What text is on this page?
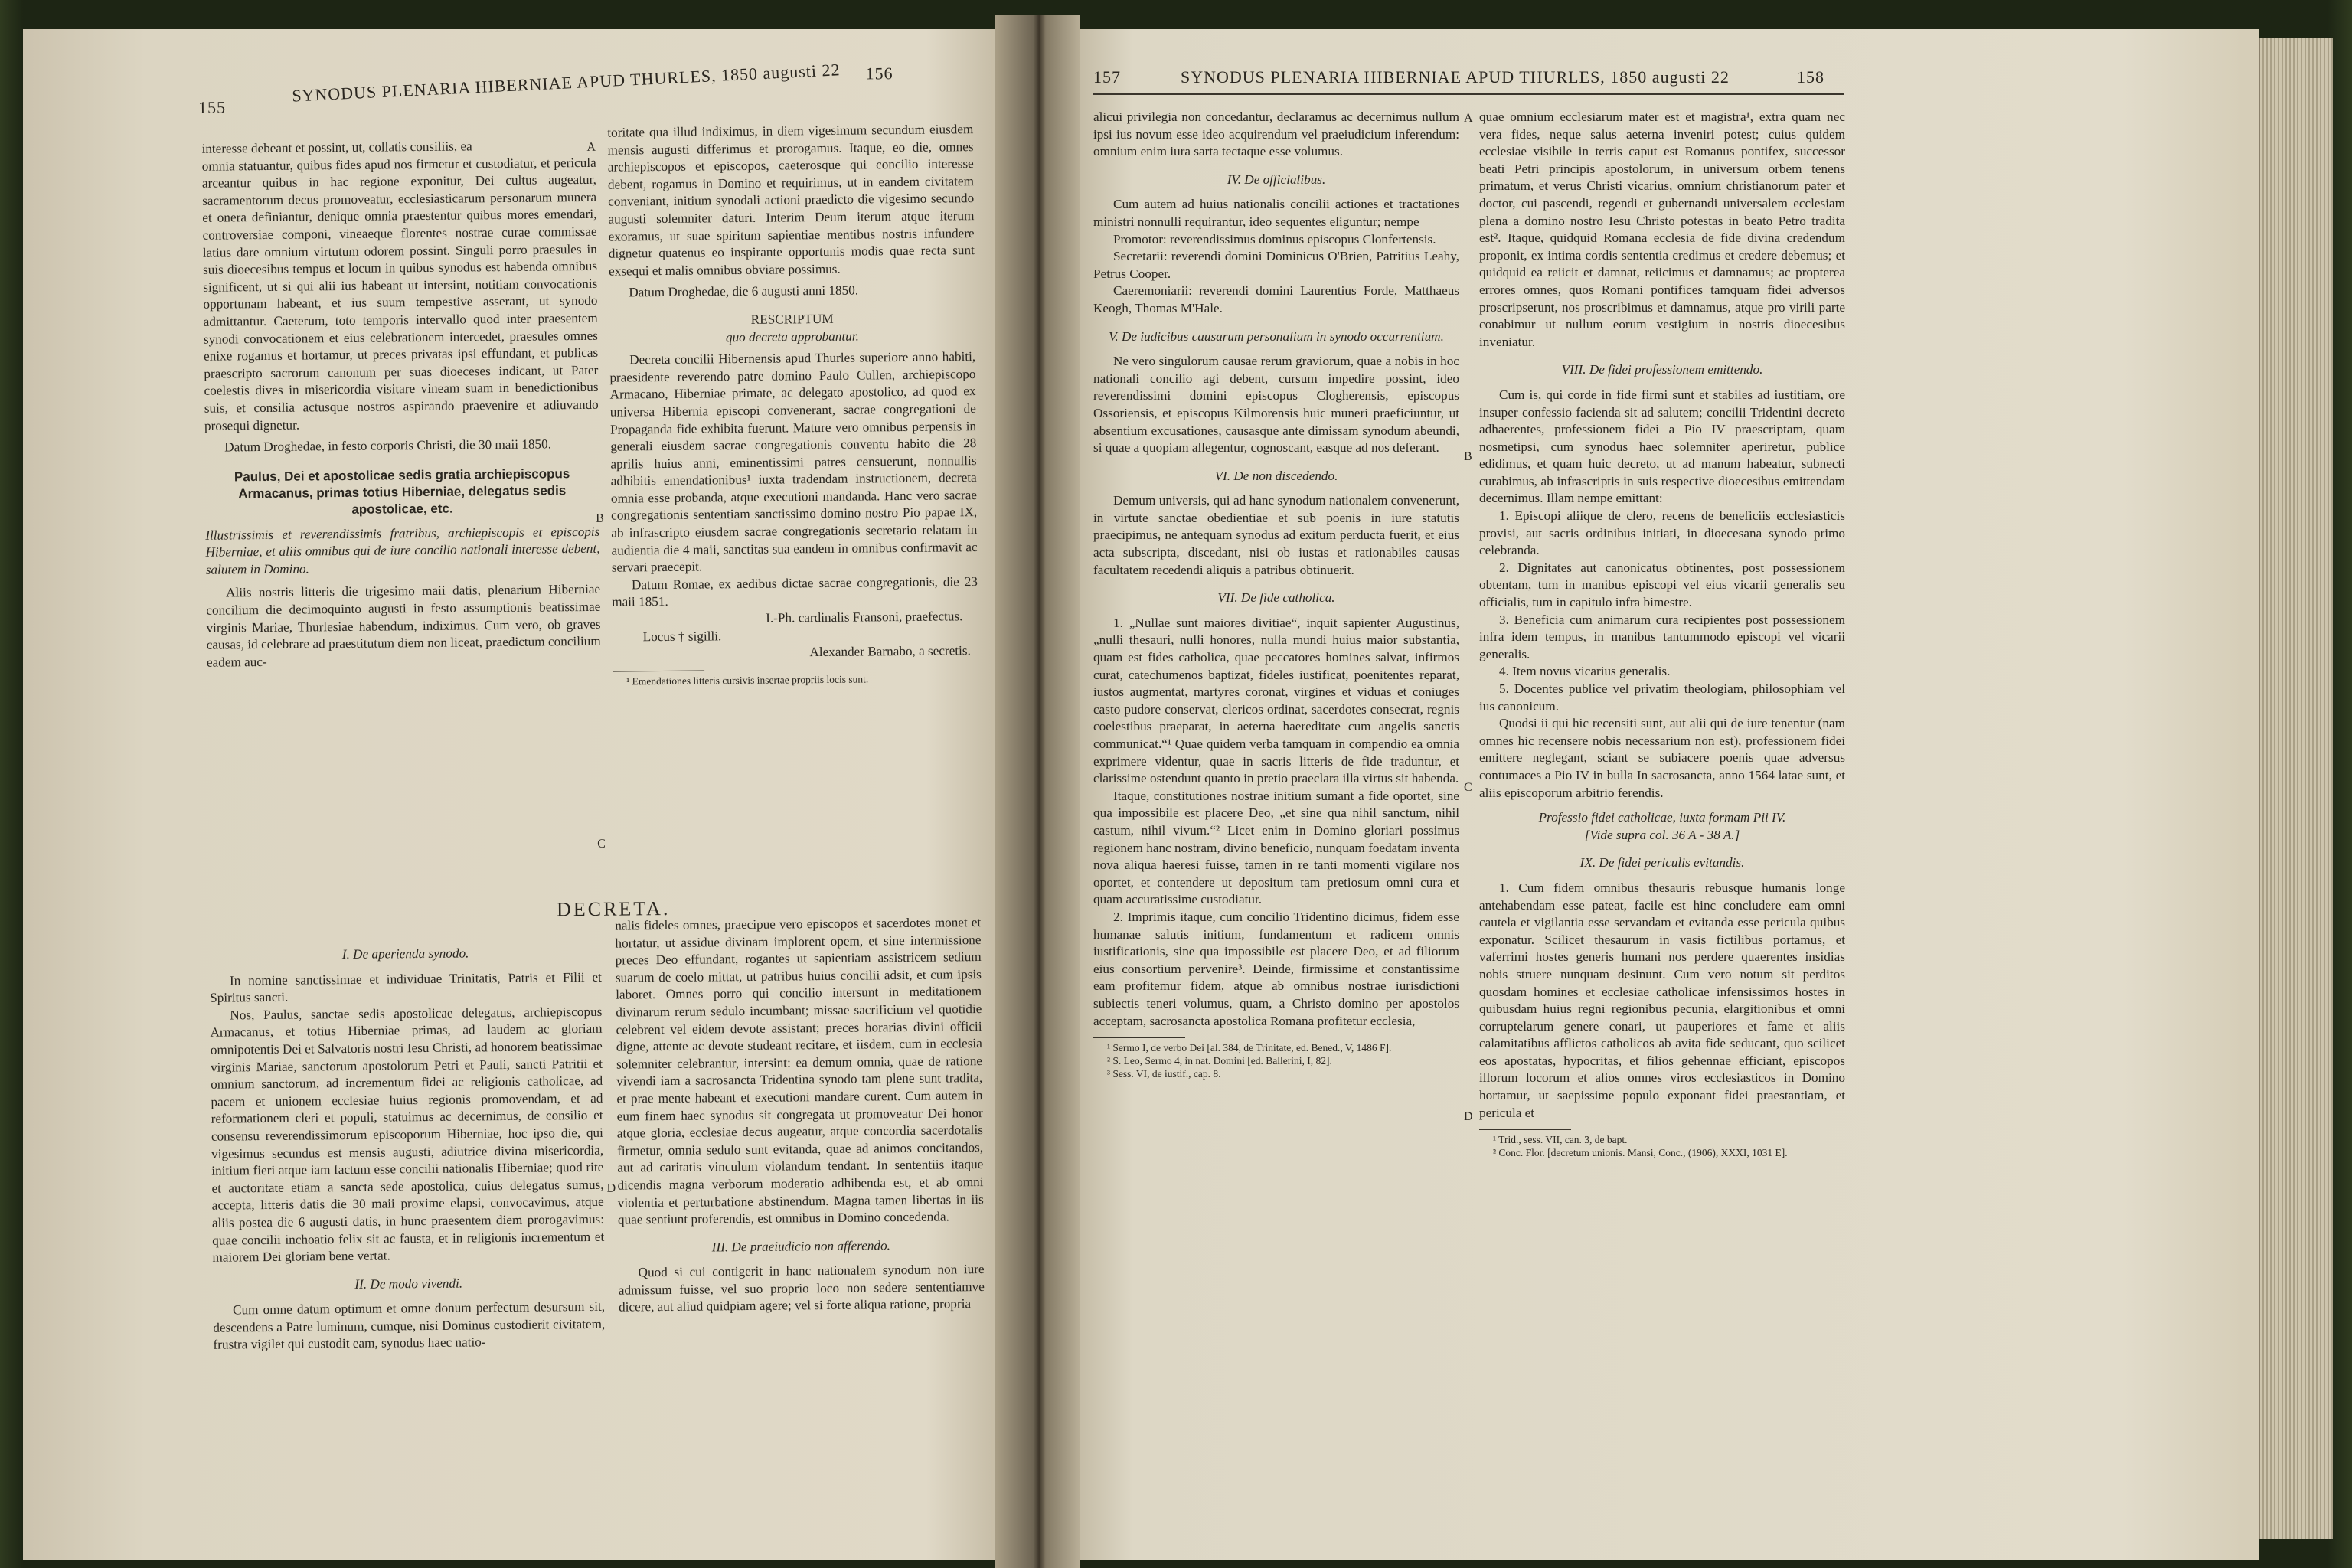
155
SYNODUS PLENARIA HIBERNIAE APUD THURLES, 1850 augusti 22 156

interesse debeant et possint, ut, collatis consiliis, ea

omnia statuantur, quibus fides apud nos firmetur et custodiatur, et pericula arceantur quibus in hac regione exponitur, Dei cultus augeatur, sacramentorum decus promoveatur, ecclesiasticarum personarum munera et onera definiantur, denique omnia praestentur quibus mores emendari, controversiae componi, vineaeque florentes nostrae curae commissae latius dare omnium virtutum odorem possint. Singuli porro praesules in suis dioecesibus tempus et locum in quibus synodus est habenda omnibus significent, ut si qui alii ius habeant ut intersint, notitiam convocationis opportunam habeant, et ius suum tempestive asserant, ut synodo admittantur. Caeterum, toto temporis intervallo quod inter praesentem synodi convocationem et eius celebrationem intercedet, praesules omnes enixe rogamus et hortamur, ut preces privatas ipsi effundant, et publicas praescripto sacrorum canonum per suas dioeceses indicant, ut Pater coelestis dives in misericordia visitare vineam suam in benedictionibus suis, et consilia actusque nostros aspirando praevenire et adiuvando prosequi dignetur.

Datum Droghedae, in festo corporis Christi, die 30 maii 1850.

Paulus, Dei et apostolicae sedis gratia archiepiscopus Armacanus, primas totius Hiberniae, delegatus sedis apostolicae, etc.

Illustrissimis et reverendissimis fratribus, archiepiscopis et episcopis Hiberniae, et aliis omnibus qui de iure concilio nationali interesse debent, salutem in Domino.

Aliis nostris litteris die trigesimo maii datis, plenarium Hiberniae concilium die decimoquinto augusti in festo assumptionis beatissimae virginis Mariae, Thurlesiae habendum, indiximus. Cum vero, ob graves causas, id celebrare ad praestitutum diem non liceat, praedictum concilium eadem auc-

A
B
C
D

toritate qua illud indiximus, in diem vigesimum secundum eiusdem mensis augusti differimus et prorogamus. Itaque, eo die, omnes archiepiscopos et episcopos, caeterosque qui concilio interesse debent, rogamus in Domino et requirimus, ut in eandem civitatem conveniant, initium synodali actioni praedicto die vigesimo secundo augusti solemniter daturi. Interim Deum iterum atque iterum exoramus, ut suae spiritum sapientiae mentibus nostris infundere dignetur quatenus eo inspirante opportunis modis quae recta sunt exsequi et malis omnibus obviare possimus.

Datum Droghedae, die 6 augusti anni 1850.

RESCRIPTUM
quo decreta approbantur.

Decreta concilii Hibernensis apud Thurles superiore anno habiti, praesidente reverendo patre domino Paulo Cullen, archiepiscopo Armacano, Hiberniae primate, ac delegato apostolico, ad quod ex universa Hibernia episcopi convenerant, sacrae congregationi de Propaganda fide exhibita fuerunt. Mature vero omnibus perpensis in generali eiusdem sacrae congregationis conventu habito die 28 aprilis huius anni, eminentissimi patres censuerunt, nonnullis adhibitis emendationibus¹ iuxta tradendam instructionem, decreta omnia esse probanda, atque executioni mandanda. Hanc vero sacrae congregationis sententiam sanctissimo domino nostro Pio papae IX, ab infrascripto eiusdem sacrae congregationis secretario relatam in audientia die 4 maii, sanctitas sua eandem in omnibus confirmavit ac servari praecepit.

Datum Romae, ex aedibus dictae sacrae congregationis, die 23 maii 1851.

I.-Ph. cardinalis Fransoni, praefectus.

Locus † sigilli.

Alexander Barnabo, a secretis.

¹ Emendationes litteris cursivis insertae propriis locis sunt.

DECRETA.
I. De aperienda synodo.

In nomine sanctissimae et individuae Trinitatis, Patris et Filii et Spiritus sancti.

Nos, Paulus, sanctae sedis apostolicae delegatus, archiepiscopus Armacanus, et totius Hiberniae primas, ad laudem ac gloriam omnipotentis Dei et Salvatoris nostri Iesu Christi, ad honorem beatissimae virginis Mariae, sanctorum apostolorum Petri et Pauli, sancti Patritii et omnium sanctorum, ad incrementum fidei ac religionis catholicae, ad pacem et unionem ecclesiae huius regionis promovendam, et ad reformationem cleri et populi, statuimus ac decernimus, de consilio et consensu reverendissimorum episcoporum Hiberniae, hoc ipso die, qui vigesimus secundus est mensis augusti, adiutrice divina misericordia, initium fieri atque iam factum esse concilii nationalis Hiberniae; quod rite et auctoritate etiam a sancta sede apostolica, cuius delegatus sumus, accepta, litteris datis die 30 maii proxime elapsi, convocavimus, atque aliis postea die 6 augusti datis, in hunc praesentem diem prorogavimus: quae concilii inchoatio felix sit ac fausta, et in religionis incrementum et maiorem Dei gloriam bene vertat.

II. De modo vivendi.

Cum omne datum optimum et omne donum perfectum desursum sit, descendens a Patre luminum, cumque, nisi Dominus custodierit civitatem, frustra vigilet qui custodit eam, synodus haec natio-

nalis fideles omnes, praecipue vero episcopos et sacerdotes monet et hortatur, ut assidue divinam implorent opem, et sine intermissione preces Deo effundant, rogantes ut sapientiam assistricem sedium suarum de coelo mittat, ut patribus huius concilii adsit, et cum ipsis laboret. Omnes porro qui concilio intersunt in meditationem divinarum rerum sedulo incumbant; missae sacrificium vel quotidie celebrent vel eidem devote assistant; preces horarias divini officii digne, attente ac devote studeant recitare, et iisdem, cum in ecclesia solemniter celebrantur, intersint: ea demum omnia, quae de ratione vivendi iam a sacrosancta Tridentina synodo tam plene sunt tradita, et prae mente habeant et executioni mandare curent. Cum autem in eum finem haec synodus sit congregata ut promoveatur Dei honor atque gloria, ecclesiae decus augeatur, atque concordia sacerdotalis firmetur, omnia sedulo sunt evitanda, quae ad animos concitandos, aut ad caritatis vinculum violandum tendant. In sententiis itaque dicendis magna verborum moderatio adhibenda est, et ab omni violentia et perturbatione abstinendum. Magna tamen libertas in iis quae sentiunt proferendis, est omnibus in Domino concedenda.

III. De praeiudicio non afferendo.

Quod si cui contigerit in hanc nationalem synodum non iure admissum fuisse, vel suo proprio loco non sedere sententiamve dicere, aut aliud quidpiam agere; vel si forte aliqua ratione, propria

157	SYNODUS PLENARIA HIBERNIAE APUD THURLES, 1850 augusti 22	158

alicui privilegia non concedantur, declaramus ac decernimus nullum ipsi ius novum esse ideo acquirendum vel praeiudicium inferendum: omnium enim iura sarta tectaque esse volumus.

IV. De officialibus.

Cum autem ad huius nationalis concilii actiones et tractationes ministri nonnulli requirantur, ideo sequentes eliguntur; nempe

Promotor: reverendissimus dominus episcopus Clonfertensis.

Secretarii: reverendi domini Dominicus O'Brien, Patritius Leahy, Petrus Cooper.

Caeremoniarii: reverendi domini Laurentius Forde, Matthaeus Keogh, Thomas M'Hale.

V. De iudicibus causarum personalium in synodo occurrentium.

Ne vero singulorum causae rerum graviorum, quae a nobis in hoc nationali concilio agi debent, cursum impedire possint, ideo reverendissimi domini episcopus Clogherensis, episcopus Ossoriensis, et episcopus Kilmorensis huic muneri praeficiuntur, ut absentium excusationes, causasque ante dimissam synodum abeundi, si quae a quopiam allegentur, cognoscant, easque ad nos deferant.

VI. De non discedendo.

Demum universis, qui ad hanc synodum nationalem convenerunt, in virtute sanctae obedientiae et sub poenis in iure statutis praecipimus, ne antequam synodus ad exitum perducta fuerit, et eius acta subscripta, discedant, nisi ob iustas et rationabiles causas facultatem recedendi aliquis a patribus obtinuerit.

VII. De fide catholica.

1. „Nullae sunt maiores divitiae“, inquit sapienter Augustinus, „nulli thesauri, nulli honores, nulla mundi huius maior substantia, quam est fides catholica, quae peccatores homines salvat, infirmos curat, catechumenos baptizat, fideles iustificat, poenitentes reparat, iustos augmentat, martyres coronat, virgines et viduas et coniuges casto pudore conservat, clericos ordinat, sacerdotes consecrat, regnis coelestibus praeparat, in aeterna haereditate cum angelis sanctis communicat.“¹ Quae quidem verba tamquam in compendio ea omnia exprimere videntur, quae in sacris litteris de fide traduntur, et clarissime ostendunt quanto in pretio praeclara illa virtus sit habenda.

Itaque, constitutiones nostrae initium sumant a fide oportet, sine qua impossibile est placere Deo, „et sine qua nihil sanctum, nihil castum, nihil vivum.“² Licet enim in Domino gloriari possimus regionem hanc nostram, divino beneficio, nunquam foedatam inventa nova aliqua haeresi fuisse, tamen in re tanti momenti vigilare nos oportet, et contendere ut depositum tam pretiosum omni cura et quam accuratissime custodiatur.

2. Imprimis itaque, cum concilio Tridentino dicimus, fidem esse humanae salutis initium, fundamentum et radicem omnis iustificationis, sine qua impossibile est placere Deo, et ad filiorum eius consortium pervenire³. Deinde, firmissime et constantissime eam profitemur fidem, atque ab omnibus nostrae iurisdictioni subiectis teneri volumus, quam, a Christo domino per apostolos acceptam, sacrosancta apostolica Romana profitetur ecclesia,

¹ Sermo I, de verbo Dei [al. 384, de Trinitate, ed. Bened., V, 1486 F].

² S. Leo, Sermo 4, in nat. Domini [ed. Ballerini, I, 82].

³ Sess. VI, de iustif., cap. 8.

A
B
C
D

quae omnium ecclesiarum mater est et magistra¹, extra quam nec vera fides, neque salus aeterna inveniri potest; cuius quidem ecclesiae visibile in terris caput est Romanus pontifex, successor beati Petri principis apostolorum, in universum orbem tenens primatum, et verus Christi vicarius, omnium christianorum pater et doctor, cui pascendi, regendi et gubernandi universalem ecclesiam plena a domino nostro Iesu Christo potestas in beato Petro tradita est². Itaque, quidquid Romana ecclesia de fide divina credendum proponit, ex intima cordis sententia credimus et credere debemus; et quidquid ea reiicit et damnat, reiicimus et damnamus; ac propterea errores omnes, quos Romani pontifices tamquam fidei adversos proscripserunt, nos proscribimus et damnamus, atque pro virili parte conabimur ut nullum eorum vestigium in nostris dioecesibus inveniatur.

VIII. De fidei professionem emittendo.

Cum is, qui corde in fide firmi sunt et stabiles ad iustitiam, ore insuper confessio facienda sit ad salutem; concilii Tridentini decreto adhaerentes, professionem fidei a Pio IV praescriptam, quam nosmetipsi, cum synodus haec solemniter aperiretur, publice edidimus, et quam huic decreto, ut ad manum habeatur, subnecti curabimus, ab infrascriptis in suis respective dioecesibus emittendam decernimus. Illam nempe emittant:

1. Episcopi aliique de clero, recens de beneficiis ecclesiasticis provisi, aut sacris ordinibus initiati, in dioecesana synodo primo celebranda.

2. Dignitates aut canonicatus obtinentes, post possessionem obtentam, tum in manibus episcopi vel eius vicarii generalis seu officialis, tum in capitulo infra bimestre.

3. Beneficia cum animarum cura recipientes post possessionem infra idem tempus, in manibus tantummodo episcopi vel vicarii generalis.

4. Item novus vicarius generalis.

5. Docentes publice vel privatim theologiam, philosophiam vel ius canonicum.

Quodsi ii qui hic recensiti sunt, aut alii qui de iure tenentur (nam omnes hic recensere nobis necessarium non est), professionem fidei emittere neglegant, sciant se subiacere poenis quae adversus contumaces a Pio IV in bulla In sacrosancta, anno 1564 latae sunt, et aliis episcoporum arbitrio ferendis.

Professio fidei catholicae, iuxta formam Pii IV.
[Vide supra col. 36 A - 38 A.]
IX. De fidei periculis evitandis.

1. Cum fidem omnibus thesauris rebusque humanis longe antehabendam esse pateat, facile est hinc concludere eam omni cautela et vigilantia esse servandam et evitanda esse pericula quibus exponatur. Scilicet thesaurum in vasis fictilibus portamus, et vaferrimi hostes generis humani nos perdere quaerentes insidias nobis struere nunquam desinunt. Cum vero notum sit perditos quosdam homines et ecclesiae catholicae infensissimos hostes in quibusdam huius regni regionibus pecunia, elargitionibus et omni corruptelarum genere conari, ut pauperiores et fame et aliis calamitatibus afflictos catholicos ab avita fide seducant, quo scilicet eos apostatas, hypocritas, et filios gehennae efficiant, episcopos illorum locorum et alios omnes viros ecclesiasticos in Domino hortamur, ut saepissime populo exponant fidei praestantiam, et pericula et

¹ Trid., sess. VII, can. 3, de bapt.

² Conc. Flor. [decretum unionis. Mansi, Conc., (1906), XXXI, 1031 E].
